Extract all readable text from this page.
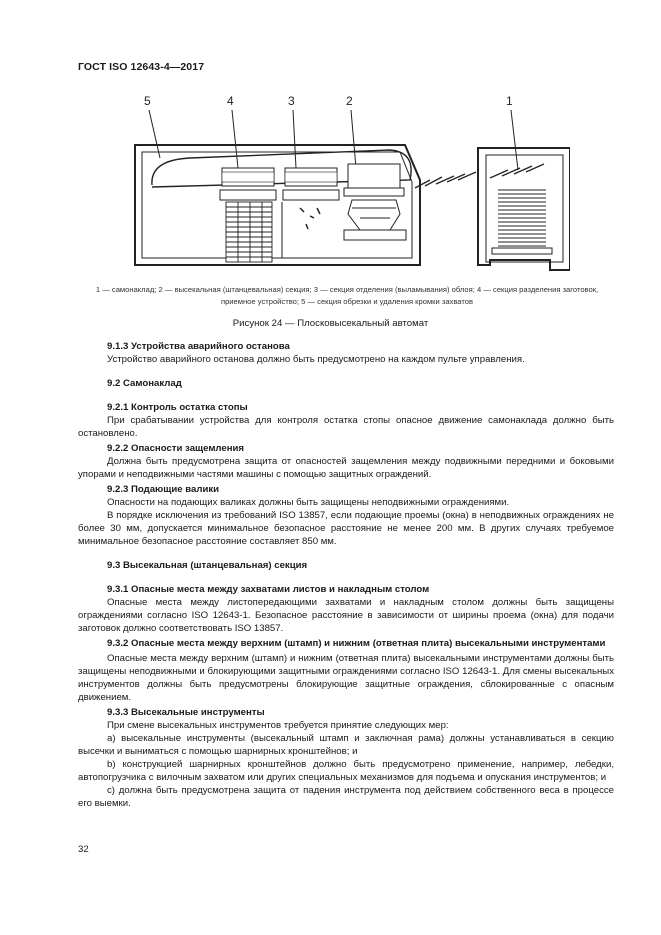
ГОСТ ISO 12643-4—2017
5	4	3	2	1
1 — самонаклад; 2 — высекальная (штанцевальная) секция; 3 — секция отделения (выламывания) облоя; 4 — секция разделения заготовок, приемное устройство; 5 — секция обрезки и удаления кромки захватов
Рисунок 24 — Плосковысекальный автомат

9.1.3 Устройства аварийного останова

Устройство аварийного останова должно быть предусмотрено на каждом пульте управления.

9.2 Самонаклад

9.2.1 Контроль остатка стопы

При срабатывании устройства для контроля остатка стопы опасное движение самонаклада должно быть остановлено.

9.2.2 Опасности защемления

Должна быть предусмотрена защита от опасностей защемления между подвижными передними и боковыми упорами и неподвижными частями машины с помощью защитных ограждений.

9.2.3 Подающие валики

Опасности на подающих валиках должны быть защищены неподвижными ограждениями.

В порядке исключения из требований ISO 13857, если подающие проемы (окна) в неподвижных ограждениях не более 30 мм, допускается минимальное безопасное расстояние не менее 200 мм. В других случаях требуемое минимальное безопасное расстояние составляет 850 мм.

9.3 Высекальная (штанцевальная) секция

9.3.1 Опасные места между захватами листов и накладным столом

Опасные места между листопередающими захватами и накладным столом должны быть защищены ограждениями согласно ISO 12643-1. Безопасное расстояние в зависимости от ширины проема (окна) для подачи заготовок должно соответствовать ISO 13857.

9.3.2 Опасные места между верхним (штамп) и нижним (ответная плита) высекальными инструментами

Опасные места между верхним (штамп) и нижним (ответная плита) высекальными инструментами должны быть защищены неподвижными и блокирующими защитными ограждениями согласно ISO 12643-1. Для смены высекальных инструментов должны быть предусмотрены блокирующие защитные ограждения, сблокированные с опасным движением.

9.3.3 Высекальные инструменты

При смене высекальных инструментов требуется принятие следующих мер:

a) высекальные инструменты (высекальный штамп и заключная рама) должны устанавливаться в секцию высечки и выниматься с помощью шарнирных кронштейнов; и

b) конструкцией шарнирных кронштейнов должно быть предусмотрено применение, например, лебедки, автопогрузчика с вилочным захватом или других специальных механизмов для подъема и опускания инструментов; и

c) должна быть предусмотрена защита от падения инструмента под действием собственного веса в процессе его выемки.

32
